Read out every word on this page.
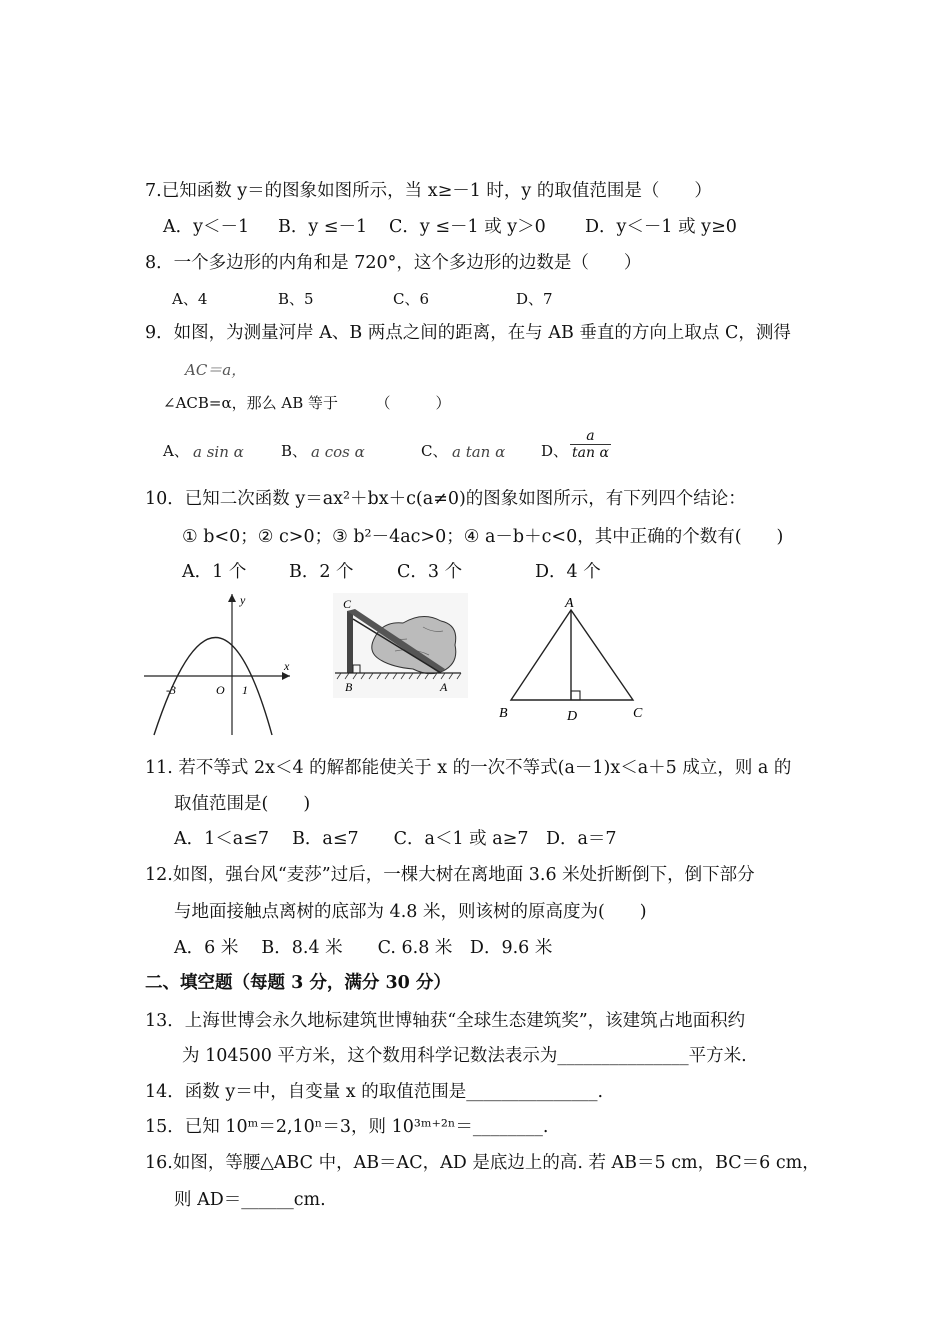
7.已知函数 y＝的图象如图所示，当 x≥－1 时，y 的取值范围是（　　）
A．y＜－1 B．y ≤－1 C．y ≤－1 或 y＞0 D．y＜－1 或 y≥0
8．一个多边形的内角和是 720°，这个多边形的边数是（　　）
A、4	B、5	C、6	D、7
9．如图，为测量河岸 A、B 两点之间的距离，在与 AB 垂直的方向上取点 C，测得
AC＝a，
∠ACB=α，那么 AB 等于　　　（　　　）
A、 a sin α B、 a cos α	C、 a tan α D、 $\frac{a}{\text{tan α}}$
10．已知二次函数 y＝ax²＋bx＋c(a≠0)的图象如图所示，有下列四个结论：
① b<0；② c>0；③ b²－4ac>0；④ a－b＋c<0，其中正确的个数有(　　)
A．1 个 B．2 个 C．3 个	D．4 个
y
x
-3	O 1
C
B	A
A
B	C
D
11. 若不等式 2x＜4 的解都能使关于 x 的一次不等式(a－1)x＜a＋5 成立，则 a 的
取值范围是(　　)
A．1＜a≤7　 B．a≤7　　C．a＜1 或 a≥7　D．a＝7
12.如图，强台风“麦莎”过后，一棵大树在离地面 3.6 米处折断倒下，倒下部分
与地面接触点离树的底部为 4.8 米，则该树的原高度为(　　)
A．6 米　 B．8.4 米　　C. 6.8 米　D．9.6 米
二、填空题（每题 3 分，满分 30 分）
13．上海世博会永久地标建筑世博轴获“全球生态建筑奖”，该建筑占地面积约
为 104500 平方米，这个数用科学记数法表示为_______________平方米.
14．函数 y＝中，自变量 x 的取值范围是_______________.
15．已知 10ᵐ＝2,10ⁿ＝3，则 10³ᵐ⁺²ⁿ＝________.
16.如图，等腰△ABC 中，AB＝AC，AD 是底边上的高. 若 AB＝5 cm，BC＝6 cm，
则 AD＝______cm.
